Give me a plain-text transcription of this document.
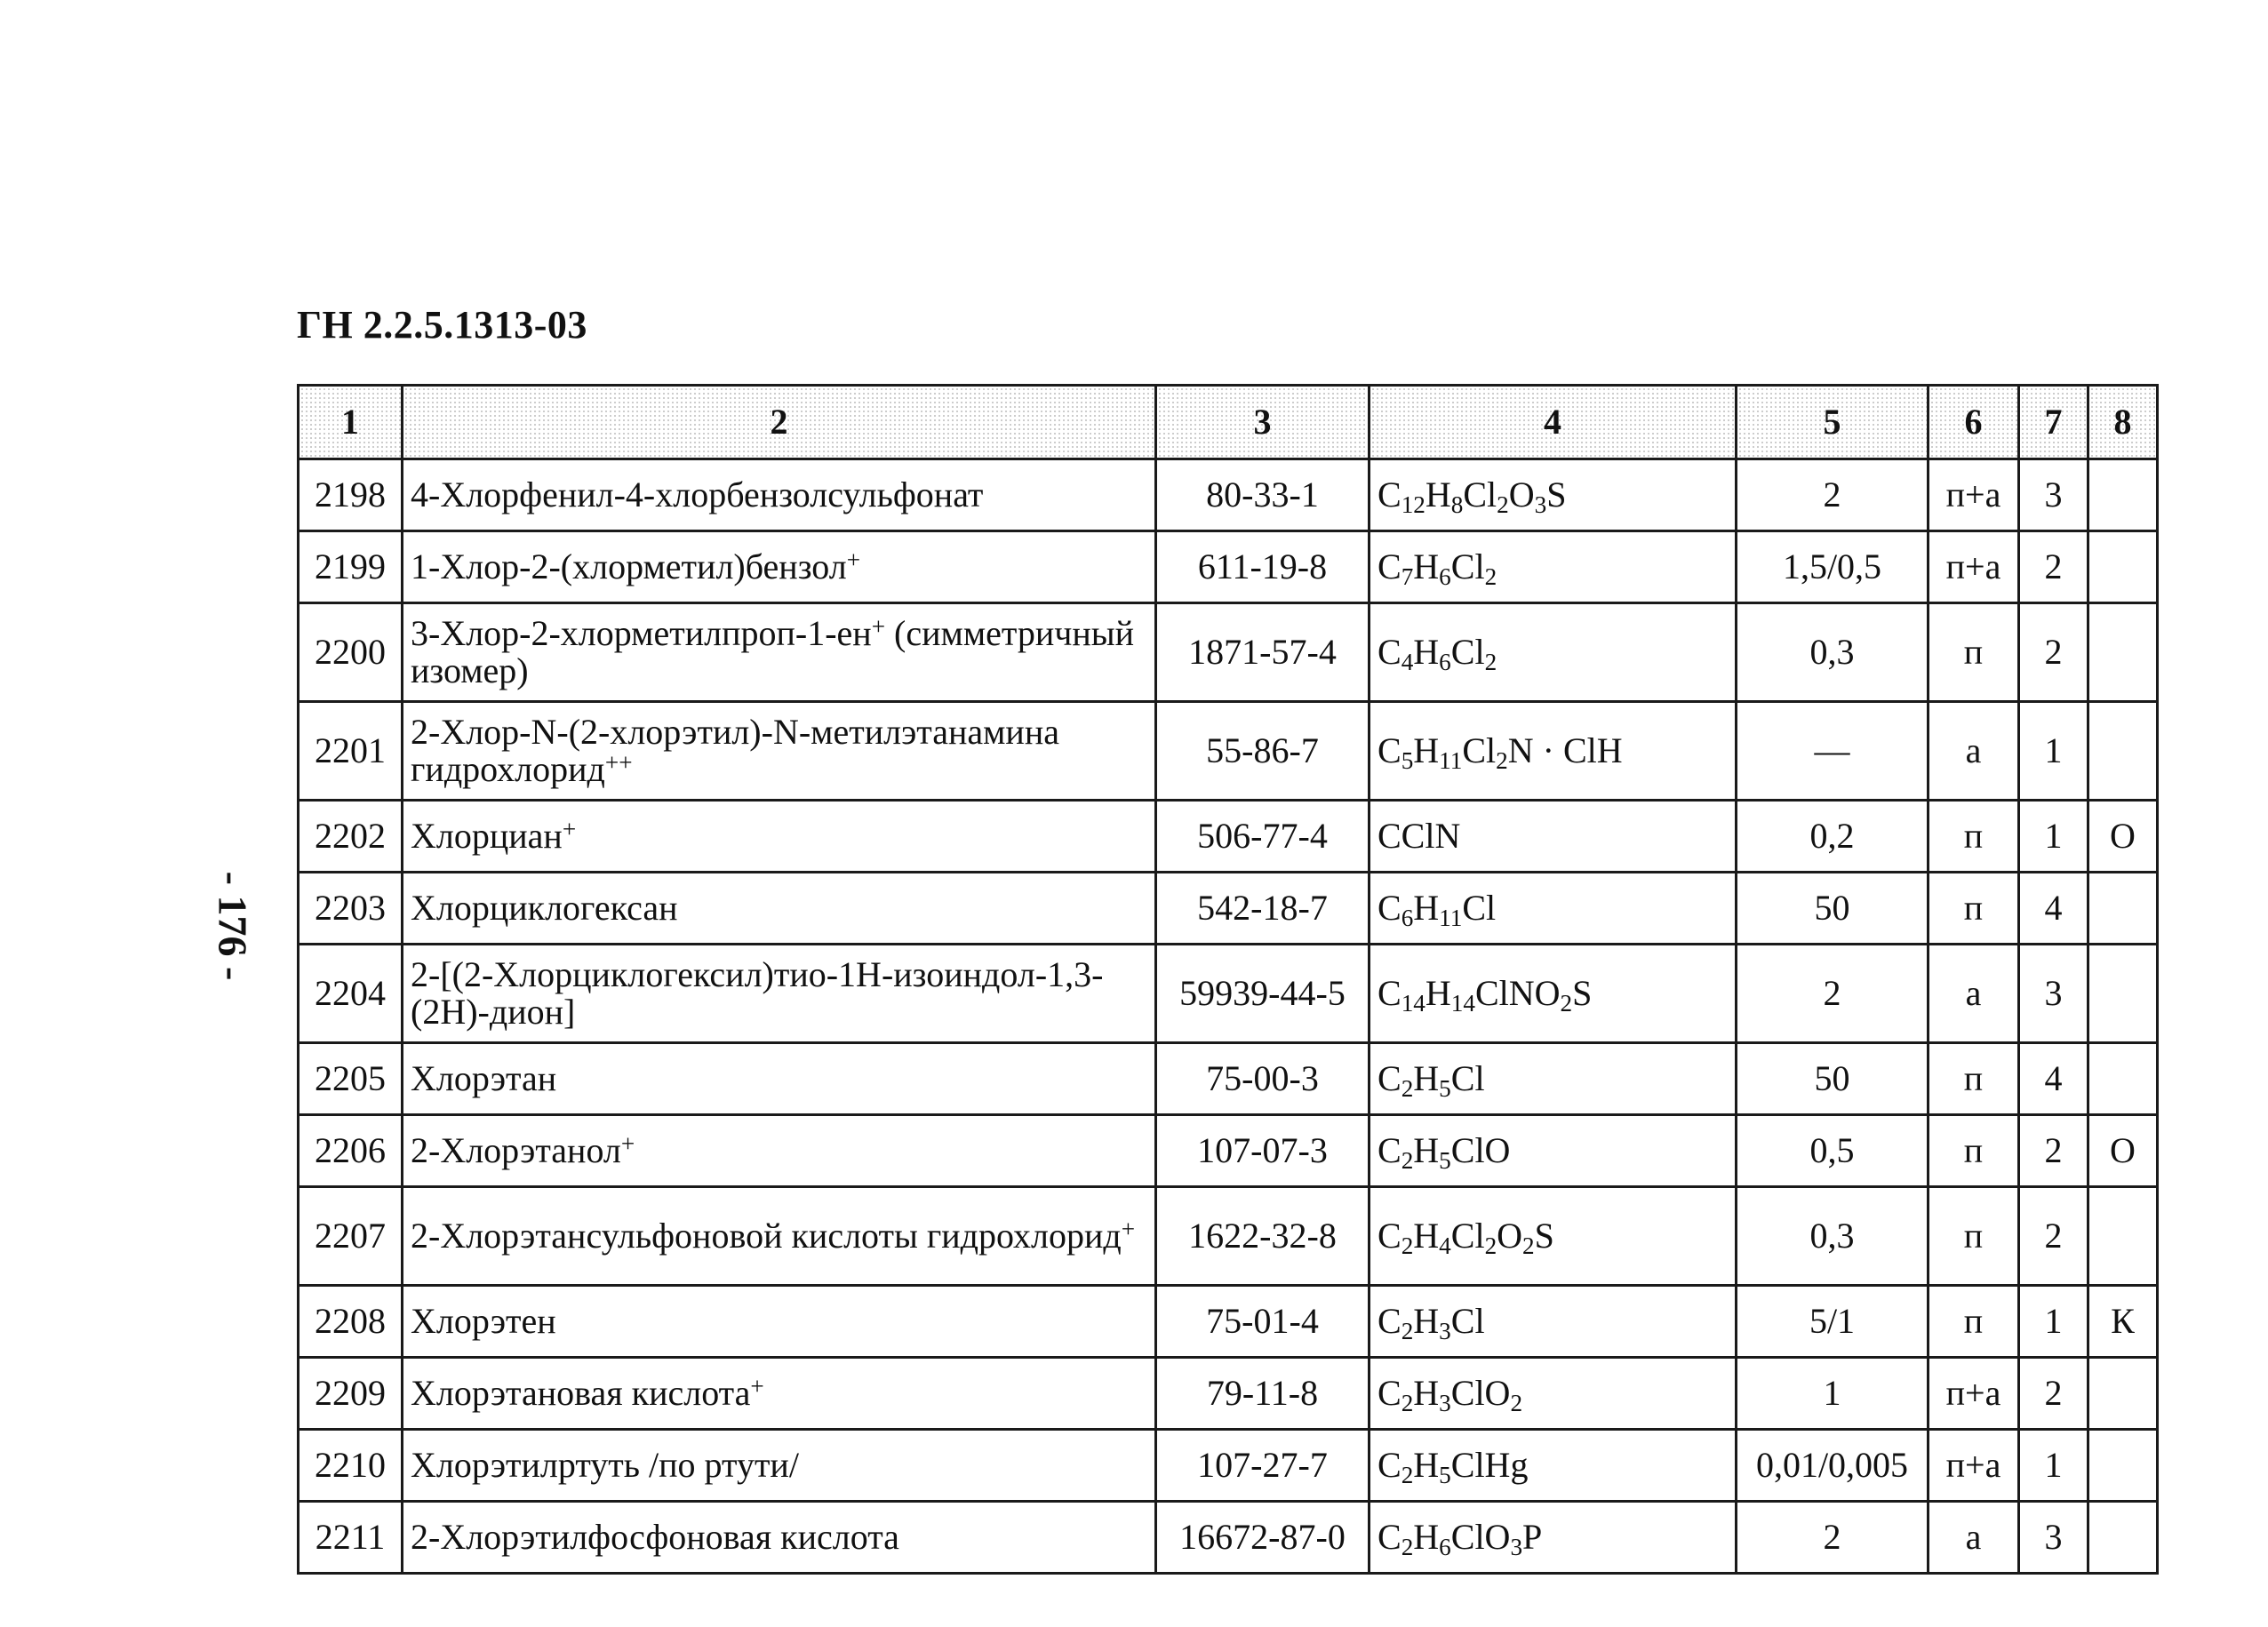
ГН 2.2.5.1313-03
- 176 -
1	2	3	4	5	6	7	8
2198	4-Хлорфенил-4-хлорбензолсульфонат	80-33-1	$C_{12}H_8Cl_2O_3S$	2	п+а	3	
2199	1-Хлор-2-(хлорметил)бензол+	611-19-8	$C_7H_6Cl_2$	1,5/0,5	п+а	2	
2200	3-Хлор-2-хлорметилпроп-1-ен+ (симметричный изомер)	1871-57-4	$C_4H_6Cl_2$	0,3	п	2	
2201	2-Хлор-N-(2-хлорэтил)-N-метилэтанамина гидрохлорид++	55-86-7	$C_5H_{11}Cl_2N$ · ClH	—	а	1	
2202	Хлорциан+	506-77-4	CClN	0,2	п	1	О
2203	Хлорциклогексан	542-18-7	$C_6H_{11}Cl$	50	п	4	
2204	2-[(2-Хлорциклогексил)тио-1Н-изоиндол-1,3-(2Н)-дион]	59939-44-5	$C_{14}H_{14}ClNO_2S$	2	а	3	
2205	Хлорэтан	75-00-3	$C_2H_5Cl$	50	п	4	
2206	2-Хлорэтанол+	107-07-3	$C_2H_5ClO$	0,5	п	2	О
2207	2-Хлорэтансульфоновой кислоты гидрохлорид+	1622-32-8	$C_2H_4Cl_2O_2S$	0,3	п	2	
2208	Хлорэтен	75-01-4	$C_2H_3Cl$	5/1	п	1	К
2209	Хлорэтановая кислота+	79-11-8	$C_2H_3ClO_2$	1	п+а	2	
2210	Хлорэтилртуть /по ртути/	107-27-7	$C_2H_5ClHg$	0,01/0,005	п+а	1	
2211	2-Хлорэтилфосфоновая кислота	16672-87-0	$C_2H_6ClO_3P$	2	а	3	
